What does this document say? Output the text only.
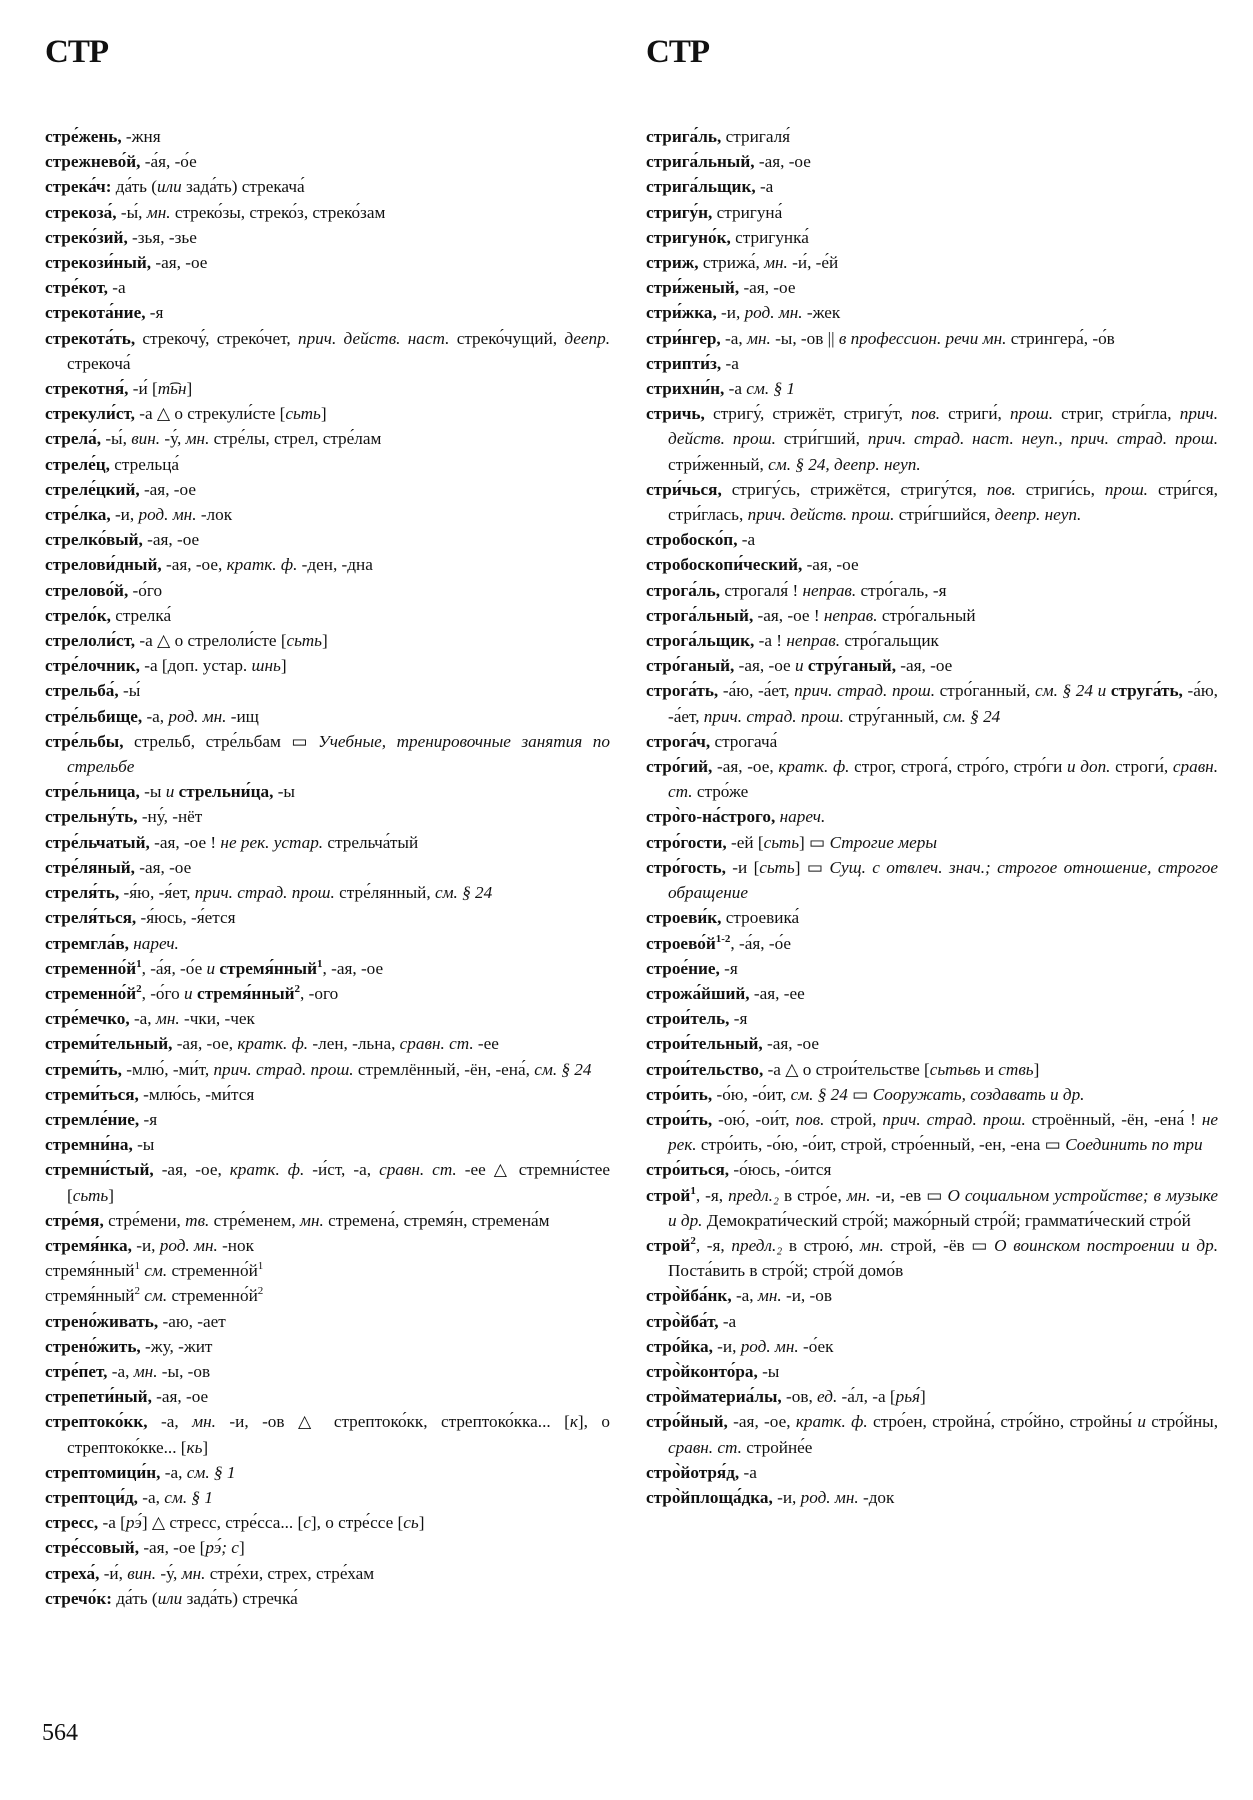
СТР
стре́жень, -жня
стрежнево́й, -а́я, -о́е
стрека́ч: да́ть (или зада́ть) стрекача́
стрекоза́, -ы́, мн. стреко́зы, стреко́з, стреко́зам
стреко́зий, -зья, -зье
стрекози́ный, -ая, -ое
стре́кот, -а
стрекота́ние, -я
стрекота́ть, стрекочу́, стреко́чет, прич. действ. наст. стреко́чущий, деепр. стрекоча́
стрекотня́, -и́ [т͡ьн]
стрекули́ст, -а △ о стрекули́сте [сьть]
стрела́, -ы́, вин. -у́, мн. стре́лы, стрел, стре́лам
стреле́ц, стрельца́
стреле́цкий, -ая, -ое
стре́лка, -и, род. мн. -лок
стрелко́вый, -ая, -ое
стрелови́дный, -ая, -ое, кратк. ф. -ден, -дна
стрелово́й, -о́го
стрело́к, стрелка́
стрелоли́ст, -а △ о стрелоли́сте [сьть]
стре́лочник, -а [доп. устар. шнь]
стрельба́, -ы́
стре́льбище, -а, род. мн. -ищ
стре́льбы, стрельб, стре́льбам ▭ Учебные, тренировочные занятия по стрельбе
стре́льница, -ы и стрельни́ца, -ы
стрельну́ть, -ну́, -нёт
стре́льчатый, -ая, -ое ! не рек. устар. стрельча́тый
стре́ляный, -ая, -ое
стреля́ть, -я́ю, -я́ет, прич. страд. прош. стре́лянный, см. § 24
стреля́ться, -я́юсь, -я́ется
стремгла́в, нареч.
$стременно́й^1$, -а́я, -о́е и стремя́нный$^1$, -ая, -ое
$стременно́й^2$, -о́го и стремя́нный$^2$, -ого
стре́мечко, -а, мн. -чки, -чек
стреми́тельный, -ая, -ое, кратк. ф. -лен, -льна, сравн. ст. -ее
стреми́ть, -млю́, -ми́т, прич. страд. прош. стремлённый, -ён, -ена́, см. § 24
стреми́ться, -млю́сь, -ми́тся
стремле́ние, -я
стремни́на, -ы
стремни́стый, -ая, -ое, кратк. ф. -и́ст, -а, сравн. ст. -ее △ стремни́стее [сьть]
стре́мя, стре́мени, тв. стре́менем, мн. стремена́, стремя́н, стремена́м
стремя́нка, -и, род. мн. -нок
стремя́нный$^1$ см. $стременно́й^1$
стремя́нный$^2$ см. $стременно́й^2$
стрено́живать, -аю, -ает
стрено́жить, -жу, -жит
стре́пет, -а, мн. -ы, -ов
стрепети́ный, -ая, -ое
стрептоко́кк, -а, мн. -и, -ов △ стрептоко́кк, стрептоко́кка... [к], о стрептоко́кке... [кь]
стрептомици́н, -а, см. § 1
стрептоци́д, -а, см. § 1
стресс, -а [рэ́] △ стресс, стре́сса... [с], о стре́ссе [сь]
стре́ссовый, -ая, -ое [рэ́; с]
стреха́, -и́, вин. -у́, мн. стре́хи, стрех, стре́хам
стречо́к: да́ть (или зада́ть) стречка́
СТР
стрига́ль, стригаля́
стрига́льный, -ая, -ое
стрига́льщик, -а
стригу́н, стригуна́
стригуно́к, стригунка́
стриж, стрижа́, мн. -и́, -е́й
стри́женый, -ая, -ое
стри́жка, -и, род. мн. -жек
стри́нгер, -а, мн. -ы, -ов || в профессион. речи мн. стрингера́, -о́в
стрипти́з, -а
стрихни́н, -а см. § 1
стричь, стригу́, стрижёт, стригу́т, пов. стриги́, прош. стриг, стри́гла, прич. действ. прош. стри́гший, прич. страд. наст. неуп., прич. страд. прош. стри́женный, см. § 24, деепр. неуп.
стри́чься, стригу́сь, стрижётся, стригу́тся, пов. стриги́сь, прош. стри́гся, стри́глась, прич. действ. прош. стри́гшийся, деепр. неуп.
стробоско́п, -а
стробоскопи́ческий, -ая, -ое
строга́ль, строгаля́ ! неправ. стро́галь, -я
строга́льный, -ая, -ое ! неправ. стро́гальный
строга́льщик, -а ! неправ. стро́гальщик
стро́ганый, -ая, -ое и стру́ганый, -ая, -ое
строга́ть, -а́ю, -а́ет, прич. страд. прош. стро́ганный, см. § 24 и струга́ть, -а́ю, -а́ет, прич. страд. прош. стру́ганный, см. § 24
строга́ч, строгача́
стро́гий, -ая, -ое, кратк. ф. строг, строга́, стро́го, стро́ги и доп. строги́, сравн. ст. стро́же
стро̀го-на́строго, нареч.
стро́гости, -ей [сьть] ▭ Строгие меры
стро́гость, -и [сьть] ▭ Сущ. с отвлеч. знач.; строгое отношение, строгое обращение
строеви́к, строевика́
$строево́й^{1-2}$, -а́я, -о́е
строе́ние, -я
строжа́йший, -ая, -ее
строи́тель, -я
строи́тельный, -ая, -ое
строи́тельство, -а △ о строи́тельстве [сьтьвь и ствь]
стро́ить, -о́ю, -о́ит, см. § 24 ▭ Сооружать, создавать и др.
строи́ть, -ою́, -ои́т, пов. строй, прич. страд. прош. строённый, -ён, -ена́ ! не рек. стро́ить, -о́ю, -о́ит, строй, стро́енный, -ен, -ена ▭ Соединить по три
стро́иться, -о́юсь, -о́ится
строй$^1$, -я, предл.₂ в стро́е, мн. -и, -ев ▭ О социальном устройстве; в музыке и др. Демократи́ческий стро́й; мажо́рный стро́й; граммати́ческий стро́й
строй$^2$, -я, предл.₂ в строю́, мн. строй, -ёв ▭ О воинском построении и др. Поста́вить в стро́й; стро́й домо́в
стро̀йба́нк, -а, мн. -и, -ов
стро̀йба́т, -а
стро́йка, -и, род. мн. -о́ек
стро̀йконто́ра, -ы
стро̀йматериа́лы, -ов, ед. -а́л, -а [рья́]
стро́йный, -ая, -ое, кратк. ф. стро́ен, стройна́, стро́йно, стройны́ и стро́йны, сравн. ст. стройне́е
стро̀йотря́д, -а
стро̀йплоща́дка, -и, род. мн. -док
564
